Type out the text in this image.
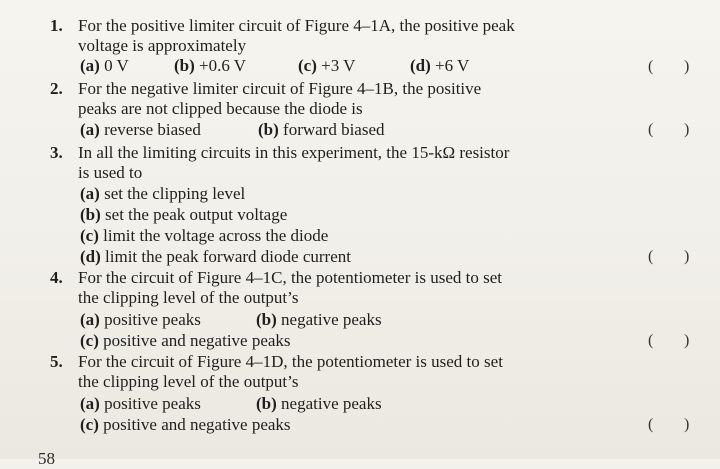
1. For the positive limiter circuit of Figure 4–1A, the positive peak
voltage is approximately
(a) 0 V	(b) +0.6 V	(c) +3 V	(d) +6 V	( )
2. For the negative limiter circuit of Figure 4–1B, the positive
peaks are not clipped because the diode is
(a) reverse biased	(b) forward biased	( )
3. In all the limiting circuits in this experiment, the 15-kΩ resistor
is used to
(a) set the clipping level
(b) set the peak output voltage
(c) limit the voltage across the diode
(d) limit the peak forward diode current	( )
4. For the circuit of Figure 4–1C, the potentiometer is used to set
the clipping level of the output’s
(a) positive peaks	(b) negative peaks
(c) positive and negative peaks	( )
5. For the circuit of Figure 4–1D, the potentiometer is used to set
the clipping level of the output’s
(a) positive peaks	(b) negative peaks
(c) positive and negative peaks	( )
58
